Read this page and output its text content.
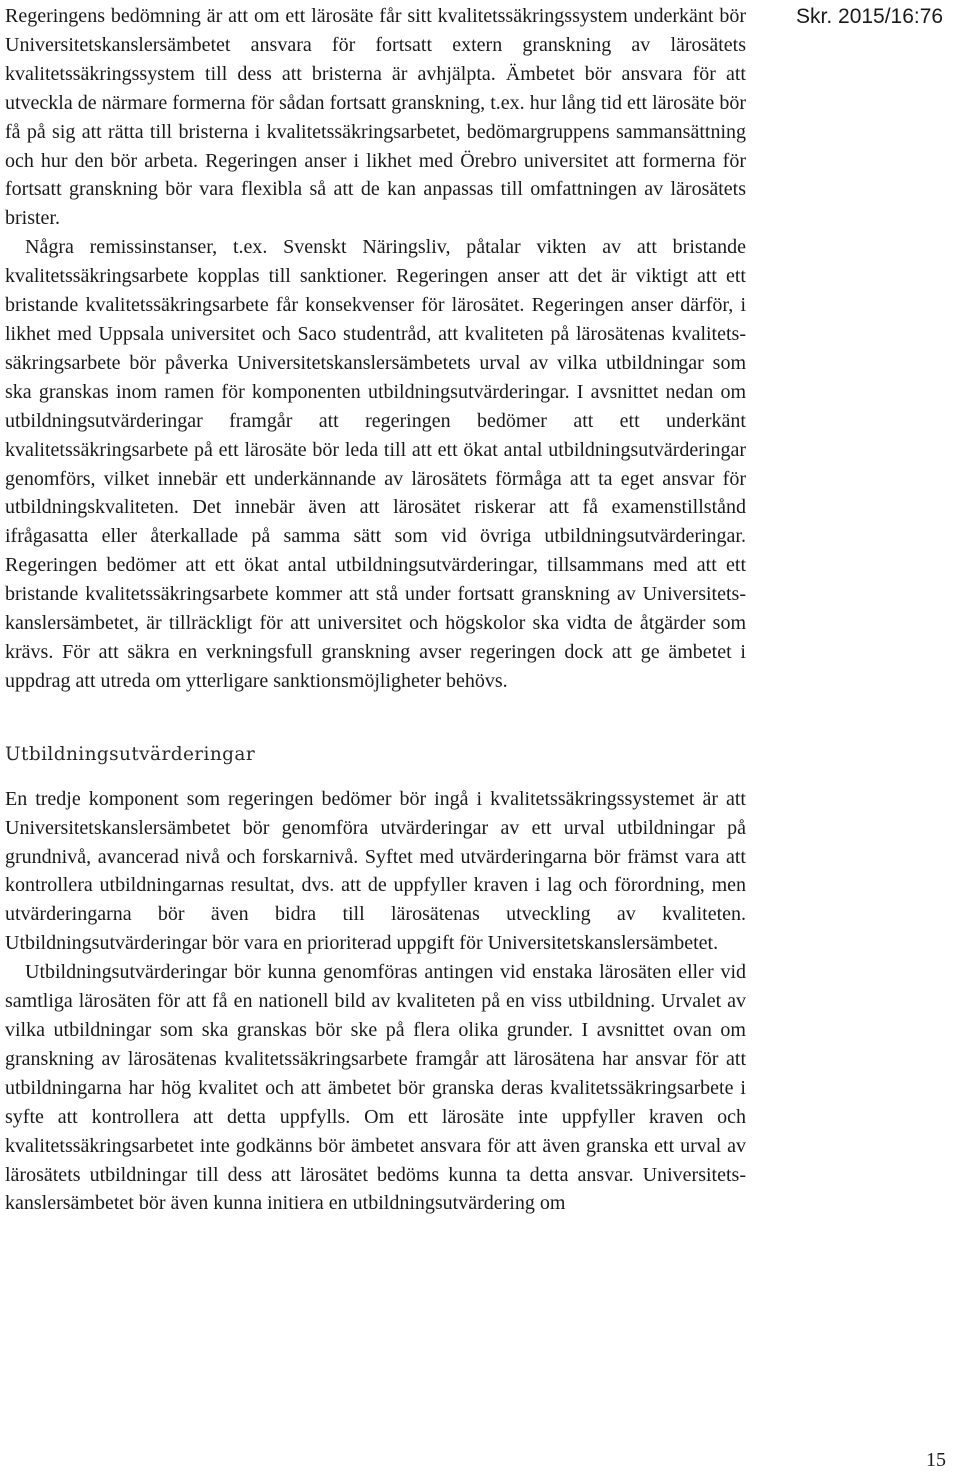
Skr. 2015/16:76

Regeringens bedömning är att om ett lärosäte får sitt kvalitetssäkringssystem underkänt bör Universitetskanslersämbetet ansvara för fortsatt extern granskning av lärosätets kvalitetssäkringssystem till dess att bristerna är avhjälpta. Ämbetet bör ansvara för att utveckla de närmare formerna för sådan fortsatt granskning, t.ex. hur lång tid ett lärosäte bör få på sig att rätta till bristerna i kvalitetssäkringsarbetet, bedömargruppens sammansättning och hur den bör arbeta. Regeringen anser i likhet med Örebro universitet att formerna för fortsatt granskning bör vara flexibla så att de kan anpassas till omfattningen av lärosätets brister.

Några remissinstanser, t.ex. Svenskt Näringsliv, påtalar vikten av att bristande kvalitetssäkringsarbete kopplas till sanktioner. Regeringen anser att det är viktigt att ett bristande kvalitetssäkringsarbete får konsekvenser för lärosätet. Regeringen anser därför, i likhet med Uppsala universitet och Saco studentråd, att kvaliteten på lärosätenas kvalitetssäkringsarbete bör påverka Universitetskanslersämbetets urval av vilka utbildningar som ska granskas inom ramen för komponenten utbildningsutvärderingar. I avsnittet nedan om utbildningsutvärderingar framgår att regeringen bedömer att ett underkänt kvalitetssäkringsarbete på ett lärosäte bör leda till att ett ökat antal utbildningsutvärderingar genomförs, vilket innebär ett underkännande av lärosätets förmåga att ta eget ansvar för utbildningskvaliteten. Det innebär även att lärosätet riskerar att få examenstillstånd ifrågasatta eller återkallade på samma sätt som vid övriga utbildningsutvärderingar. Regeringen bedömer att ett ökat antal utbildningsutvärderingar, tillsammans med att ett bristande kvalitetssäkringsarbete kommer att stå under fortsatt granskning av Universitetskanslersämbetet, är tillräckligt för att universitet och högskolor ska vidta de åtgärder som krävs. För att säkra en verkningsfull granskning avser regeringen dock att ge ämbetet i uppdrag att utreda om ytterligare sanktionsmöjligheter behövs.

Utbildningsutvärderingar

En tredje komponent som regeringen bedömer bör ingå i kvalitetssäkringssystemet är att Universitetskanslersämbetet bör genomföra utvärderingar av ett urval utbildningar på grundnivå, avancerad nivå och forskarnivå. Syftet med utvärderingarna bör främst vara att kontrollera utbildningarnas resultat, dvs. att de uppfyller kraven i lag och förordning, men utvärderingarna bör även bidra till lärosätenas utveckling av kvaliteten. Utbildningsutvärderingar bör vara en prioriterad uppgift för Universitetskanslersämbetet.

Utbildningsutvärderingar bör kunna genomföras antingen vid enstaka lärosäten eller vid samtliga lärosäten för att få en nationell bild av kvaliteten på en viss utbildning. Urvalet av vilka utbildningar som ska granskas bör ske på flera olika grunder. I avsnittet ovan om granskning av lärosätenas kvalitetssäkringsarbete framgår att lärosätena har ansvar för att utbildningarna har hög kvalitet och att ämbetet bör granska deras kvalitetssäkringsarbete i syfte att kontrollera att detta uppfylls. Om ett lärosäte inte uppfyller kraven och kvalitetssäkringsarbetet inte godkänns bör ämbetet ansvara för att även granska ett urval av lärosätets utbildningar till dess att lärosätet bedöms kunna ta detta ansvar. Universitetskanslersämbetet bör även kunna initiera en utbildningsutvärdering om

15
